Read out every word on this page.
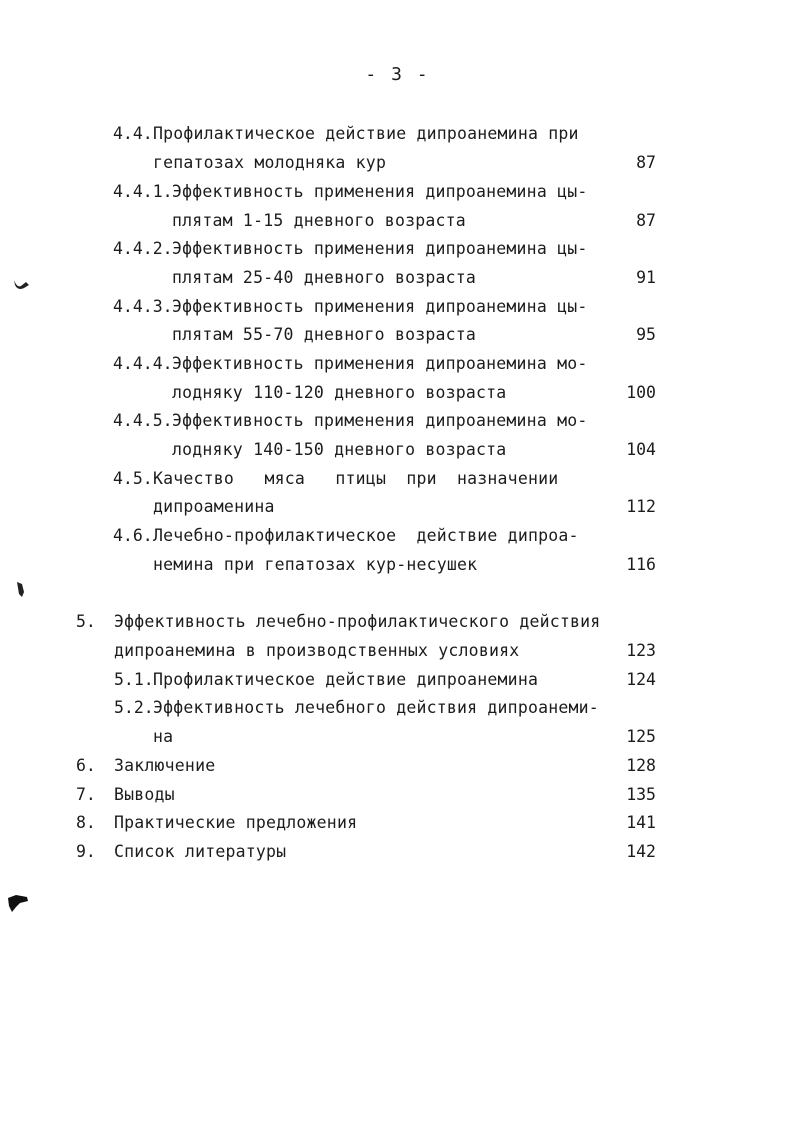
- 3 -
4.4. Профилактическое действие дипроанемина при
гепатозах молодняка кур	87
4.4.1. Эффективность применения дипроанемина цы-
плятам 1-15 дневного возраста	87
4.4.2. Эффективность применения дипроанемина цы-
плятам 25-40 дневного возраста	91
4.4.3. Эффективность применения дипроанемина цы-
плятам 55-70 дневного возраста	95
4.4.4. Эффективность применения дипроанемина мо-
лодняку 110-120 дневного возраста	100
4.4.5. Эффективность применения дипроанемина мо-
лодняку 140-150 дневного возраста	104
4.5. Качество   мяса   птицы  при  назначении
дипроаменина	112
4.6. Лечебно-профилактическое  действие дипроа-
немина при гепатозах кур-несушек	116
5. Эффективность лечебно-профилактического действия
дипроанемина в производственных условиях	123
5.1. Профилактическое действие дипроанемина	124
5.2. Эффективность лечебного действия дипроанеми-
на	125
6. Заключение	128
7. Выводы	135
8. Практические предложения	141
9. Список литературы	142
